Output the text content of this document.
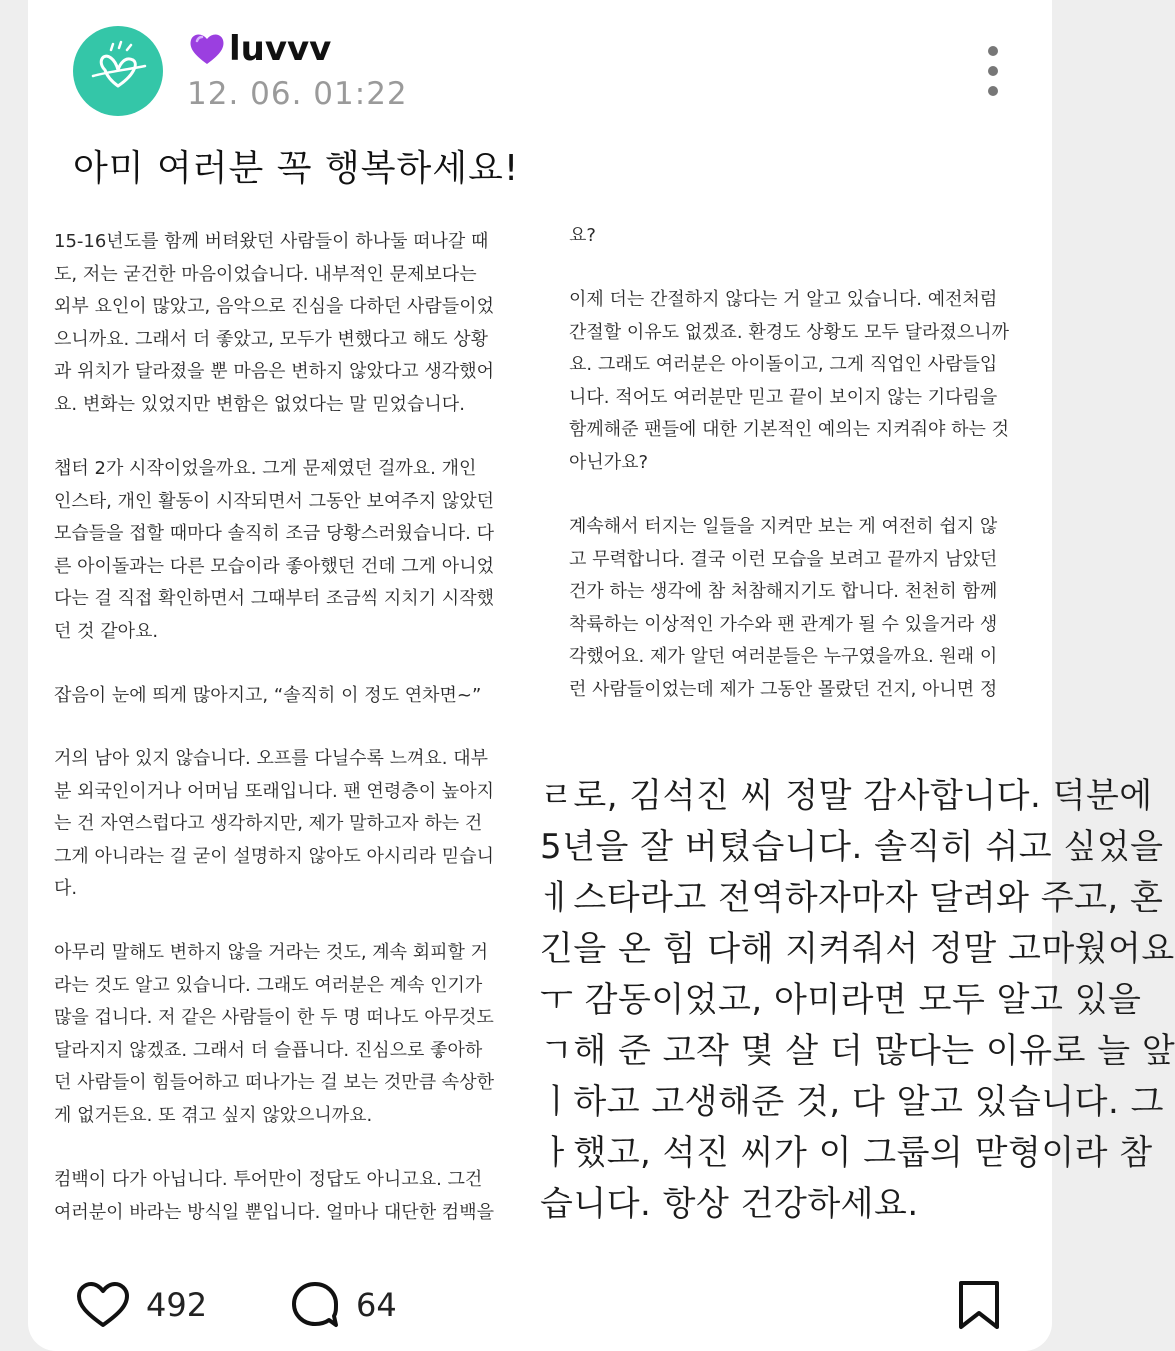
luvvv
12. 06. 01:22
아미 여러분 꼭 행복하세요!

15-16년도를 함께 버텨왔던 사람들이 하나둘 떠나갈 때

도, 저는 굳건한 마음이었습니다. 내부적인 문제보다는

외부 요인이 많았고, 음악으로 진심을 다하던 사람들이었

으니까요. 그래서 더 좋았고, 모두가 변했다고 해도 상황

과 위치가 달라졌을 뿐 마음은 변하지 않았다고 생각했어

요. 변화는 있었지만 변함은 없었다는 말 믿었습니다.

챕터 2가 시작이었을까요. 그게 문제였던 걸까요. 개인

인스타, 개인 활동이 시작되면서 그동안 보여주지 않았던

모습들을 접할 때마다 솔직히 조금 당황스러웠습니다. 다

른 아이돌과는 다른 모습이라 좋아했던 건데 그게 아니었

다는 걸 직접 확인하면서 그때부터 조금씩 지치기 시작했

던 것 같아요.

잡음이 눈에 띄게 많아지고, “솔직히 이 정도 연차면~”

거의 남아 있지 않습니다. 오프를 다닐수록 느껴요. 대부

분 외국인이거나 어머님 또래입니다. 팬 연령층이 높아지

는 건 자연스럽다고 생각하지만, 제가 말하고자 하는 건

그게 아니라는 걸 굳이 설명하지 않아도 아시리라 믿습니

다.

아무리 말해도 변하지 않을 거라는 것도, 계속 회피할 거

라는 것도 알고 있습니다. 그래도 여러분은 계속 인기가

많을 겁니다. 저 같은 사람들이 한 두 명 떠나도 아무것도

달라지지 않겠죠. 그래서 더 슬픕니다. 진심으로 좋아하

던 사람들이 힘들어하고 떠나가는 걸 보는 것만큼 속상한

게 없거든요. 또 겪고 싶지 않았으니까요.

컴백이 다가 아닙니다. 투어만이 정답도 아니고요. 그건

여러분이 바라는 방식일 뿐입니다. 얼마나 대단한 컴백을

요?

이제 더는 간절하지 않다는 거 알고 있습니다. 예전처럼

간절할 이유도 없겠죠. 환경도 상황도 모두 달라졌으니까

요. 그래도 여러분은 아이돌이고, 그게 직업인 사람들입

니다. 적어도 여러분만 믿고 끝이 보이지 않는 기다림을

함께해준 팬들에 대한 기본적인 예의는 지켜줘야 하는 것

아닌가요?

계속해서 터지는 일들을 지켜만 보는 게 여전히 쉽지 않

고 무력합니다. 결국 이런 모습을 보려고 끝까지 남았던

건가 하는 생각에 참 처참해지기도 합니다. 천천히 함께

착륙하는 이상적인 가수와 팬 관계가 될 수 있을거라 생

각했어요. 제가 알던 여러분들은 누구였을까요. 원래 이

런 사람들이었는데 제가 그동안 몰랐던 건지, 아니면 정

ㄹ로, 김석진 씨 정말 감사합니다. 덕분에

5년을 잘 버텼습니다. 솔직히 쉬고 싶었을

ㅔ스타라고 전역하자마자 달려와 주고, 혼

긴을 온 힘 다해 지켜줘서 정말 고마웠어요

ㅜ 감동이었고, 아미라면 모두 알고 있을

ㄱ해 준 고작 몇 살 더 많다는 이유로 늘 앞

ㅣ하고 고생해준 것, 다 알고 있습니다. 그

ㅏ했고, 석진 씨가 이 그룹의 맏형이라 참

습니다. 항상 건강하세요.

492	64
